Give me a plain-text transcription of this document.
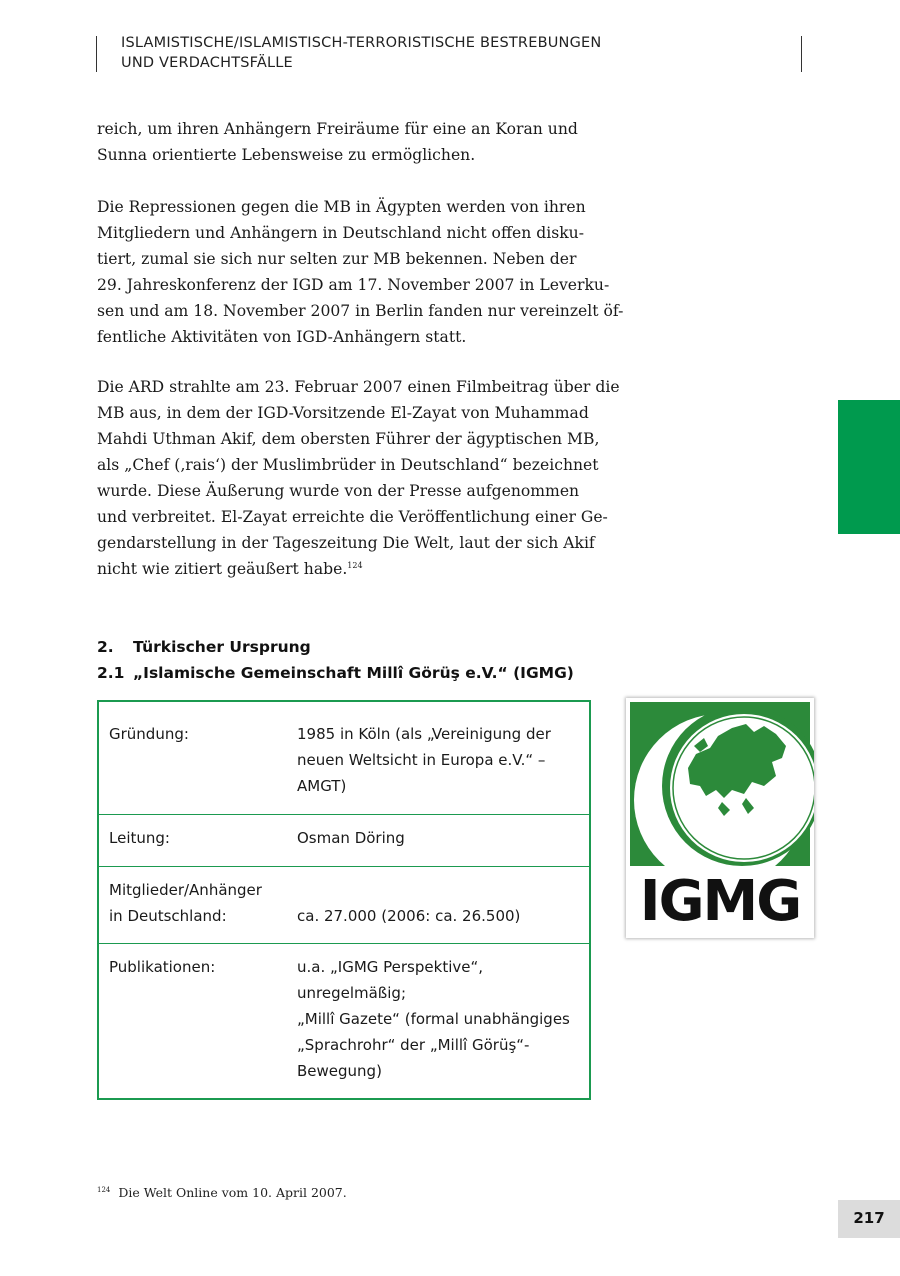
ISLAMISTISCHE/ISLAMISTISCH-TERRORISTISCHE BESTREBUNGEN
UND VERDACHTSFÄLLE

reich, um ihren Anhängern Freiräume für eine an Koran und
Sunna orientierte Lebensweise zu ermöglichen.

Die Repressionen gegen die MB in Ägypten werden von ihren
Mitgliedern und Anhängern in Deutschland nicht offen disku-
tiert, zumal sie sich nur selten zur MB bekennen. Neben der
29. Jahreskonferenz der IGD am 17. November 2007 in Leverku-
sen und am 18. November 2007 in Berlin fanden nur vereinzelt öf-
fentliche Aktivitäten von IGD-Anhängern statt.

Die ARD strahlte am 23. Februar 2007 einen Filmbeitrag über die
MB aus, in dem der IGD-Vorsitzende El-Zayat von Muhammad
Mahdi Uthman Akif, dem obersten Führer der ägyptischen MB,
als „Chef (‚rais‘) der Muslimbrüder in Deutschland“ bezeichnet
wurde. Diese Äußerung wurde von der Presse aufgenommen
und verbreitet. El-Zayat erreichte die Veröffentlichung einer Ge-
gendarstellung in der Tageszeitung Die Welt, laut der sich Akif
nicht wie zitiert geäußert habe.$^{124}$

2. Türkischer Ursprung
2.1 „Islamische Gemeinschaft Millî Görüş e.V.“ (IGMG)
Gründung:	1985 in Köln (als „Vereinigung der
neuen Weltsicht in Europa e.V.“ –
AMGT)

Leitung:	Osman Döring

Mitglieder/Anhänger
in Deutschland:	ca. 27.000 (2006: ca. 26.500)

Publikationen:	u.a. „IGMG Perspektive“,
unregelmäßig;
„Millî Gazete“ (formal unabhängiges
„Sprachrohr“ der „Millî Görüş“-
Bewegung)
IGMG
$^{124}$ Die Welt Online vom 10. April 2007.
217
